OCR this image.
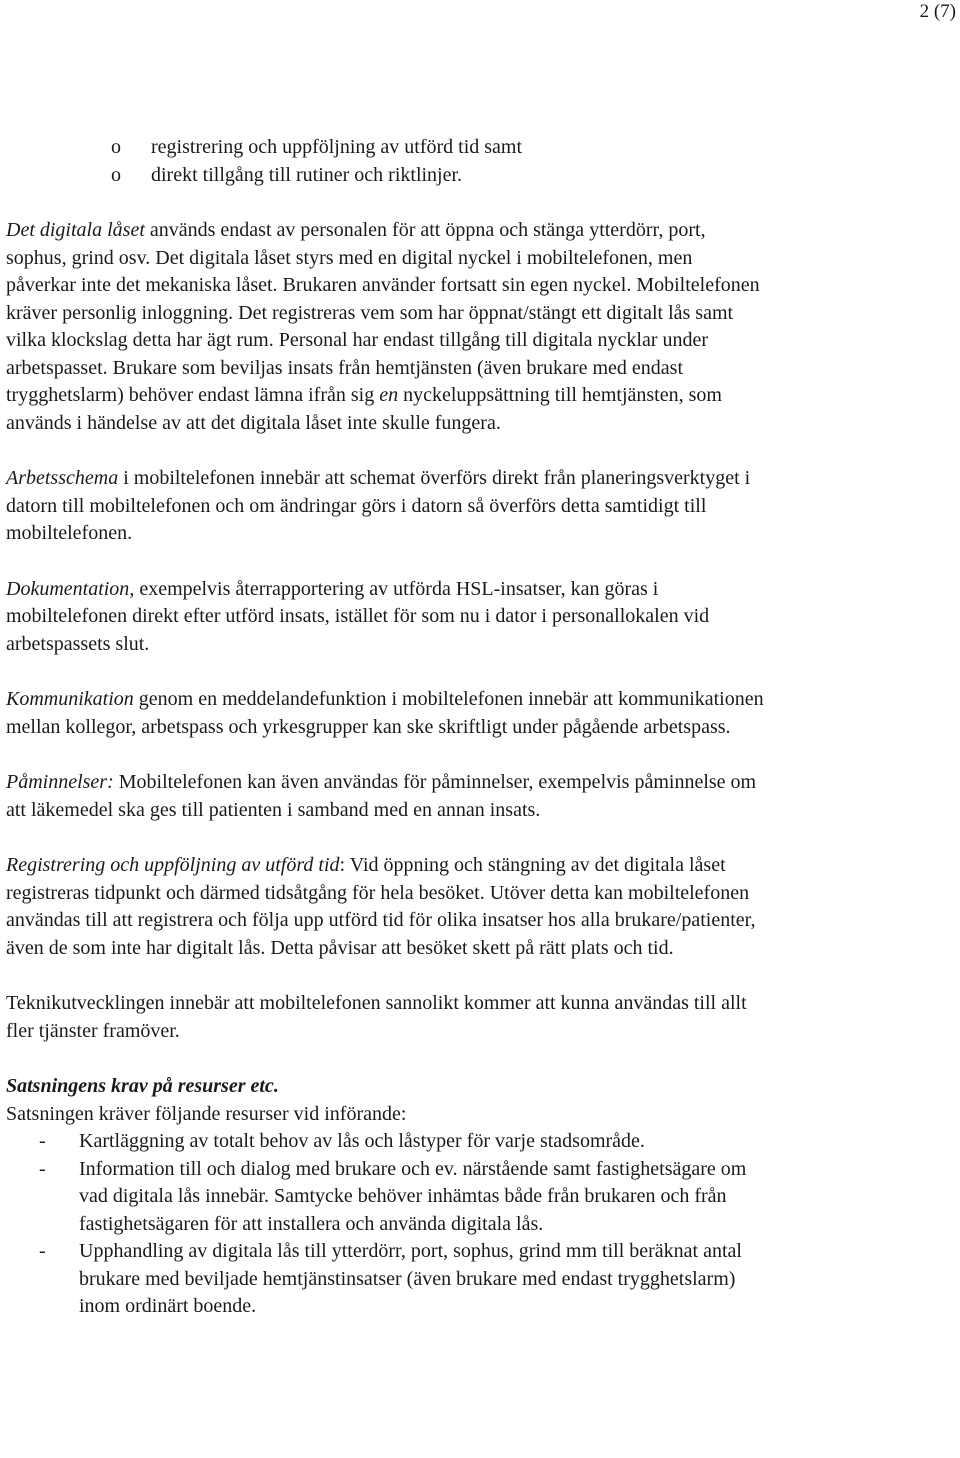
2 (7)

o registrering och uppföljning av utförd tid samt
o direkt tillgång till rutiner och riktlinjer.

Det digitala låset används endast av personalen för att öppna och stänga ytterdörr, port, sophus, grind osv. Det digitala låset styrs med en digital nyckel i mobiltelefonen, men påverkar inte det mekaniska låset. Brukaren använder fortsatt sin egen nyckel. Mobiltelefonen kräver personlig inloggning. Det registreras vem som har öppnat/stängt ett digitalt lås samt vilka klockslag detta har ägt rum. Personal har endast tillgång till digitala nycklar under arbetspasset. Brukare som beviljas insats från hemtjänsten (även brukare med endast trygghetslarm) behöver endast lämna ifrån sig en nyckeluppsättning till hemtjänsten, som används i händelse av att det digitala låset inte skulle fungera.

Arbetsschema i mobiltelefonen innebär att schemat överförs direkt från planeringsverktyget i datorn till mobiltelefonen och om ändringar görs i datorn så överförs detta samtidigt till mobiltelefonen.

Dokumentation, exempelvis återrapportering av utförda HSL-insatser, kan göras i mobiltelefonen direkt efter utförd insats, istället för som nu i dator i personallokalen vid arbetspassets slut.

Kommunikation genom en meddelandefunktion i mobiltelefonen innebär att kommunikationen mellan kollegor, arbetspass och yrkesgrupper kan ske skriftligt under pågående arbetspass.

Påminnelser: Mobiltelefonen kan även användas för påminnelser, exempelvis påminnelse om att läkemedel ska ges till patienten i samband med en annan insats.

Registrering och uppföljning av utförd tid: Vid öppning och stängning av det digitala låset registreras tidpunkt och därmed tidsåtgång för hela besöket. Utöver detta kan mobiltelefonen användas till att registrera och följa upp utförd tid för olika insatser hos alla brukare/patienter, även de som inte har digitalt lås. Detta påvisar att besöket skett på rätt plats och tid.

Teknikutvecklingen innebär att mobiltelefonen sannolikt kommer att kunna användas till allt fler tjänster framöver.

Satsningens krav på resurser etc.

Satsningen kräver följande resurser vid införande:

- Kartläggning av totalt behov av lås och låstyper för varje stadsområde.
- Information till och dialog med brukare och ev. närstående samt fastighetsägare om vad digitala lås innebär. Samtycke behöver inhämtas både från brukaren och från fastighetsägaren för att installera och använda digitala lås.
- Upphandling av digitala lås till ytterdörr, port, sophus, grind mm till beräknat antal brukare med beviljade hemtjänstinsatser (även brukare med endast trygghetslarm) inom ordinärt boende.
